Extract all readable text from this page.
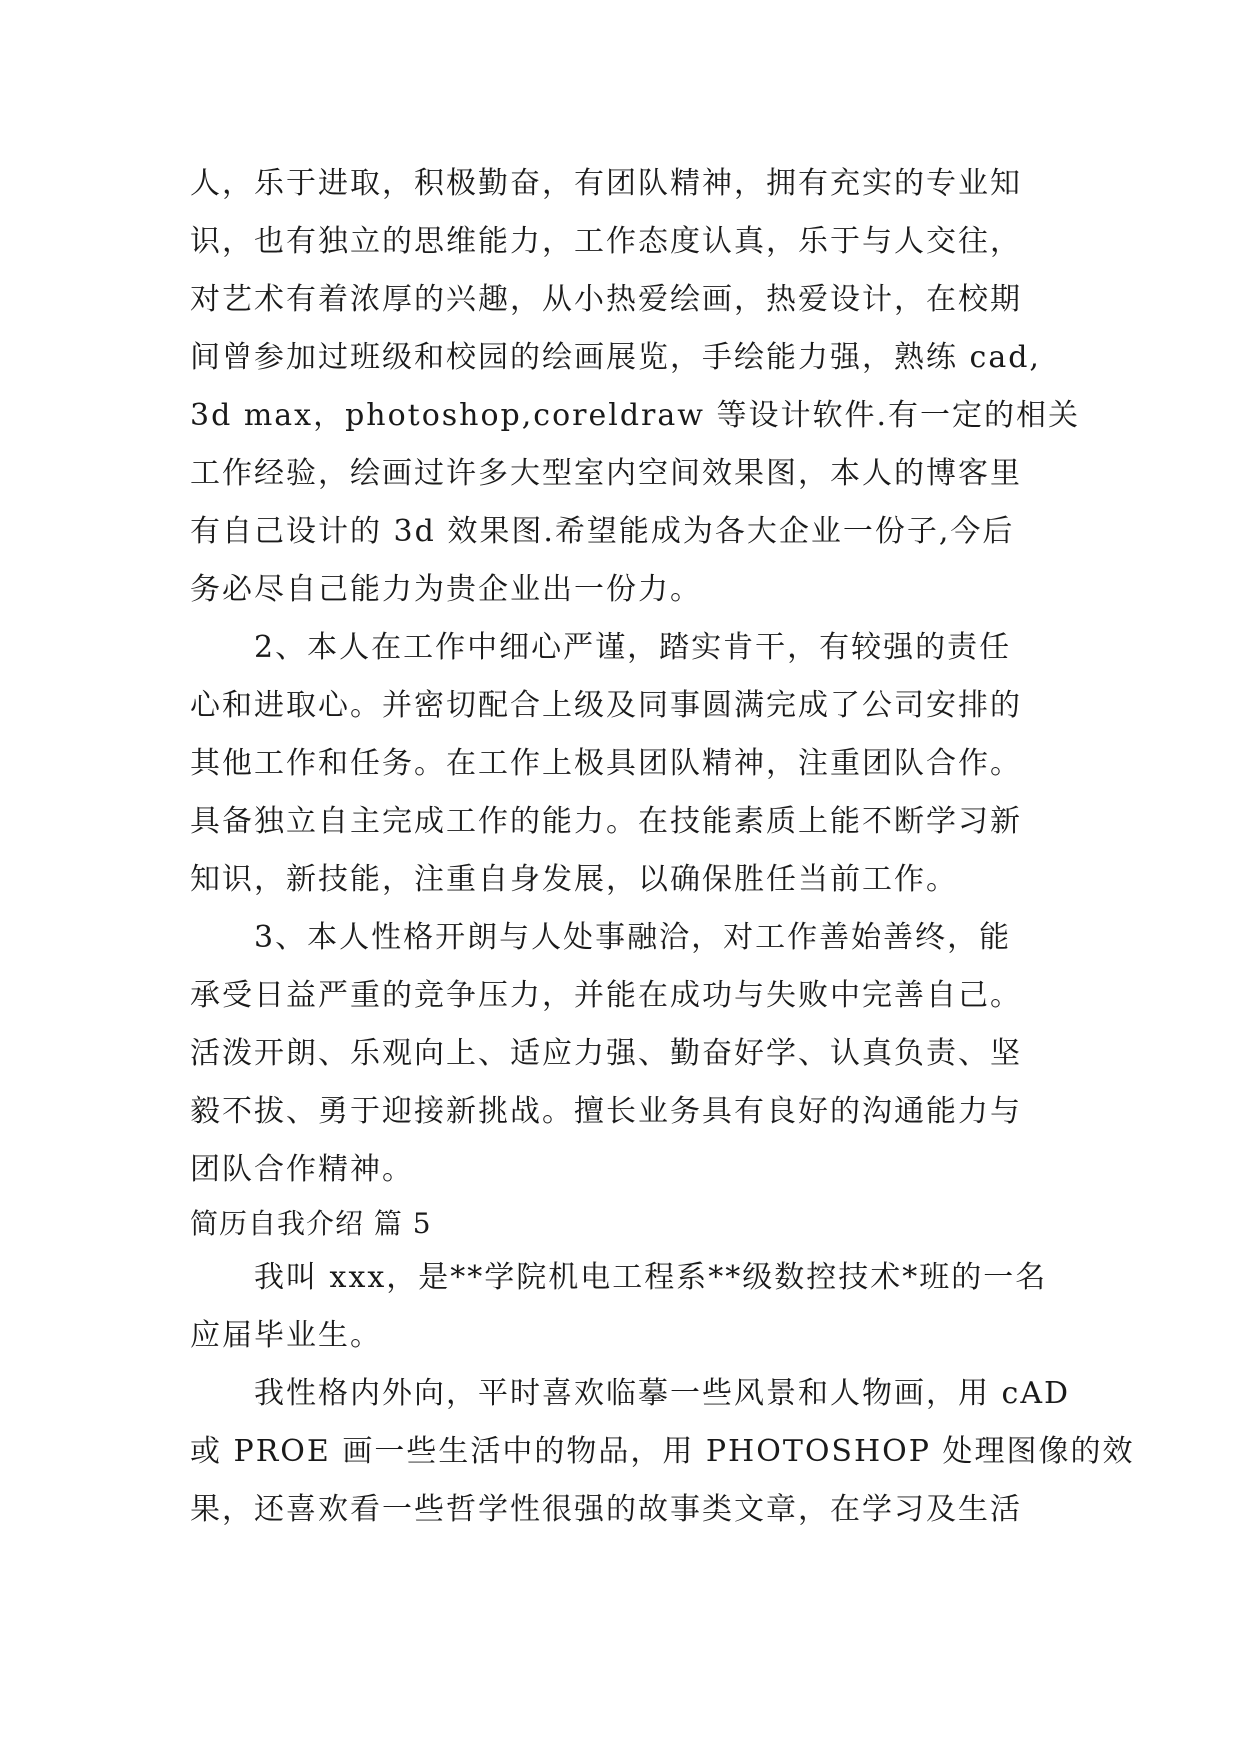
人，乐于进取，积极勤奋，有团队精神，拥有充实的专业知
识，也有独立的思维能力，工作态度认真，乐于与人交往，
对艺术有着浓厚的兴趣，从小热爱绘画，热爱设计，在校期
间曾参加过班级和校园的绘画展览，手绘能力强，熟练 cad,
3d max，photoshop,coreldraw 等设计软件.有一定的相关
工作经验，绘画过许多大型室内空间效果图，本人的博客里
有自己设计的 3d 效果图.希望能成为各大企业一份子,今后
务必尽自己能力为贵企业出一份力。
2、本人在工作中细心严谨，踏实肯干，有较强的责任
心和进取心。并密切配合上级及同事圆满完成了公司安排的
其他工作和任务。在工作上极具团队精神，注重团队合作。
具备独立自主完成工作的能力。在技能素质上能不断学习新
知识，新技能，注重自身发展，以确保胜任当前工作。
3、本人性格开朗与人处事融洽，对工作善始善终，能
承受日益严重的竞争压力，并能在成功与失败中完善自己。
活泼开朗、乐观向上、适应力强、勤奋好学、认真负责、坚
毅不拔、勇于迎接新挑战。擅长业务具有良好的沟通能力与
团队合作精神。
简历自我介绍 篇 5
我叫 xxx，是**学院机电工程系**级数控技术*班的一名
应届毕业生。
我性格内外向，平时喜欢临摹一些风景和人物画，用 cAD
或 PROE 画一些生活中的物品，用 PHOTOSHOP 处理图像的效
果，还喜欢看一些哲学性很强的故事类文章，在学习及生活
